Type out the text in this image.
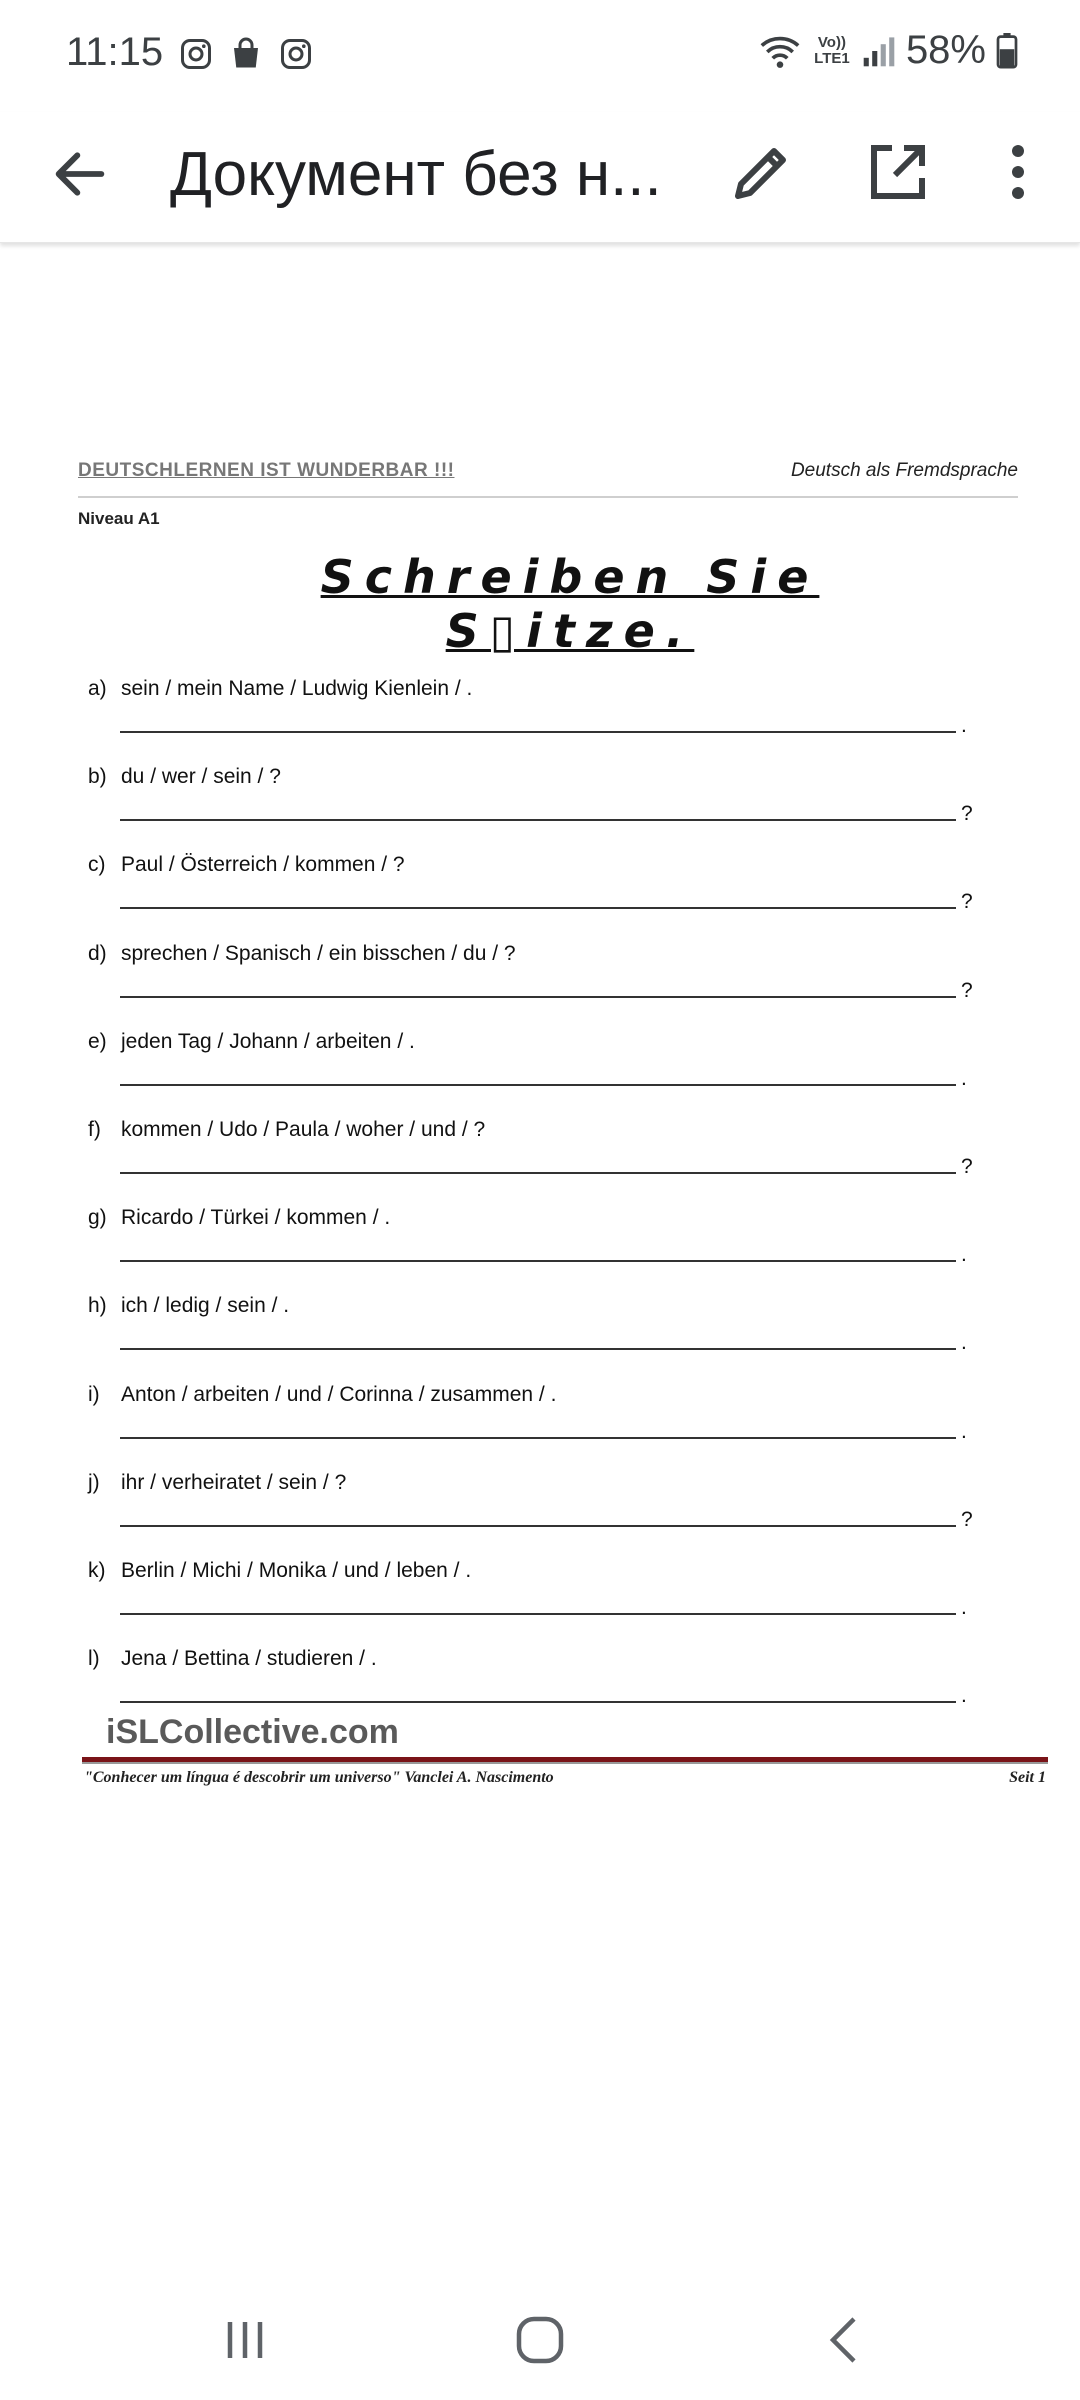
11:15	Vo)) LTE1 58%
Документ без н...
DEUTSCHLERNEN IST WUNDERBAR !!!	Deutsch als Fremdsprache
Niveau A1
Schreiben Sie S▯itze.
a) sein / mein Name / Ludwig Kienlein / .
.
b) du / wer / sein / ?
?
c) Paul / Österreich / kommen / ?
?
d) sprechen / Spanisch / ein bisschen / du / ?
?
e) jeden Tag / Johann / arbeiten / .
.
f) kommen / Udo / Paula / woher / und / ?
?
g) Ricardo / Türkei / kommen / .
.
h) ich / ledig / sein / .
.
i) Anton / arbeiten / und / Corinna / zusammen / .
.
j) ihr / verheiratet / sein / ?
?
k) Berlin / Michi / Monika / und / leben / .
.
l) Jena / Bettina / studieren / .
.
iSLCollective.com
"Conhecer um língua é descobrir um universo" Vanclei A. Nascimento	Seit 1
